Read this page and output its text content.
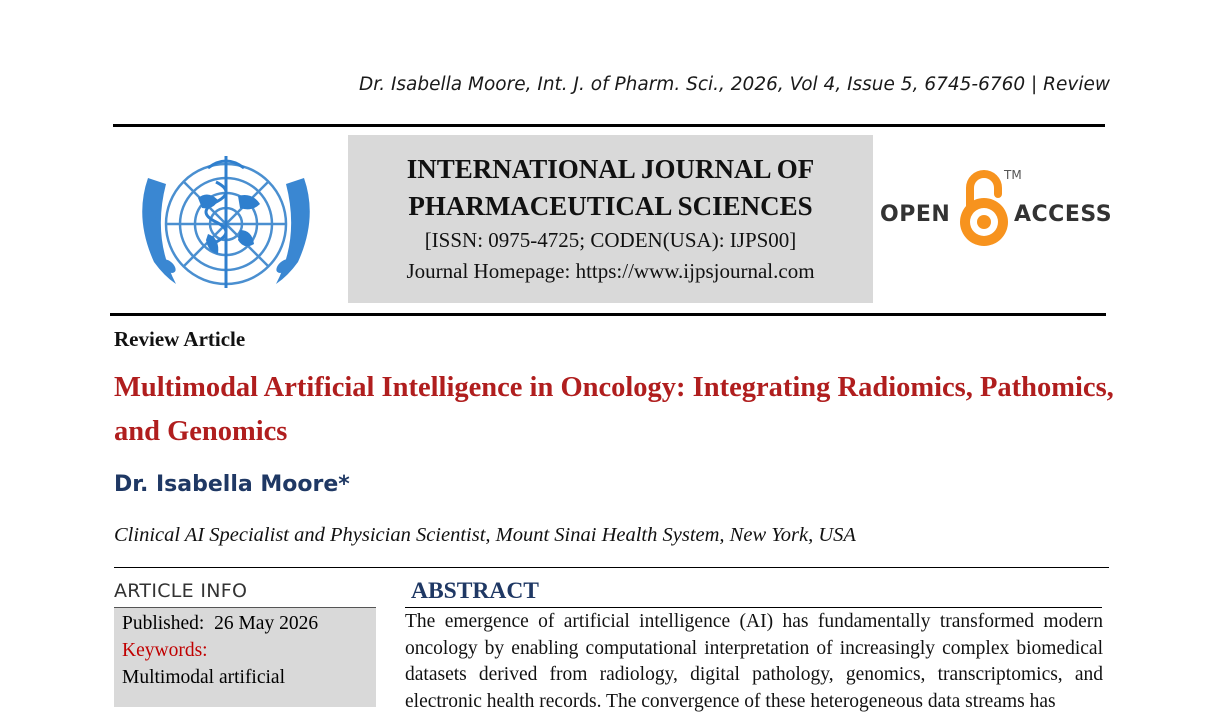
Dr. Isabella Moore, Int. J. of Pharm. Sci., 2026, Vol 4, Issue 5, 6745-6760 | Review
INTERNATIONAL JOURNAL OF
PHARMACEUTICAL SCIENCES
[ISSN: 0975-4725; CODEN(USA): IJPS00]
Journal Homepage: https://www.ijpsjournal.com
OPEN
TM
ACCESS
Review Article
Multimodal Artificial Intelligence in Oncology: Integrating Radiomics, Pathomics, and Genomics
Dr. Isabella Moore*
Clinical AI Specialist and Physician Scientist, Mount Sinai Health System, New York, USA
ARTICLE INFO
Published: 26 May 2026
Keywords:
Multimodal artificial
ABSTRACT
The emergence of artificial intelligence (AI) has fundamentally transformed modern oncology by enabling computational interpretation of increasingly complex biomedical datasets derived from radiology, digital pathology, genomics, transcriptomics, and electronic health records. The convergence of these heterogeneous data streams has
